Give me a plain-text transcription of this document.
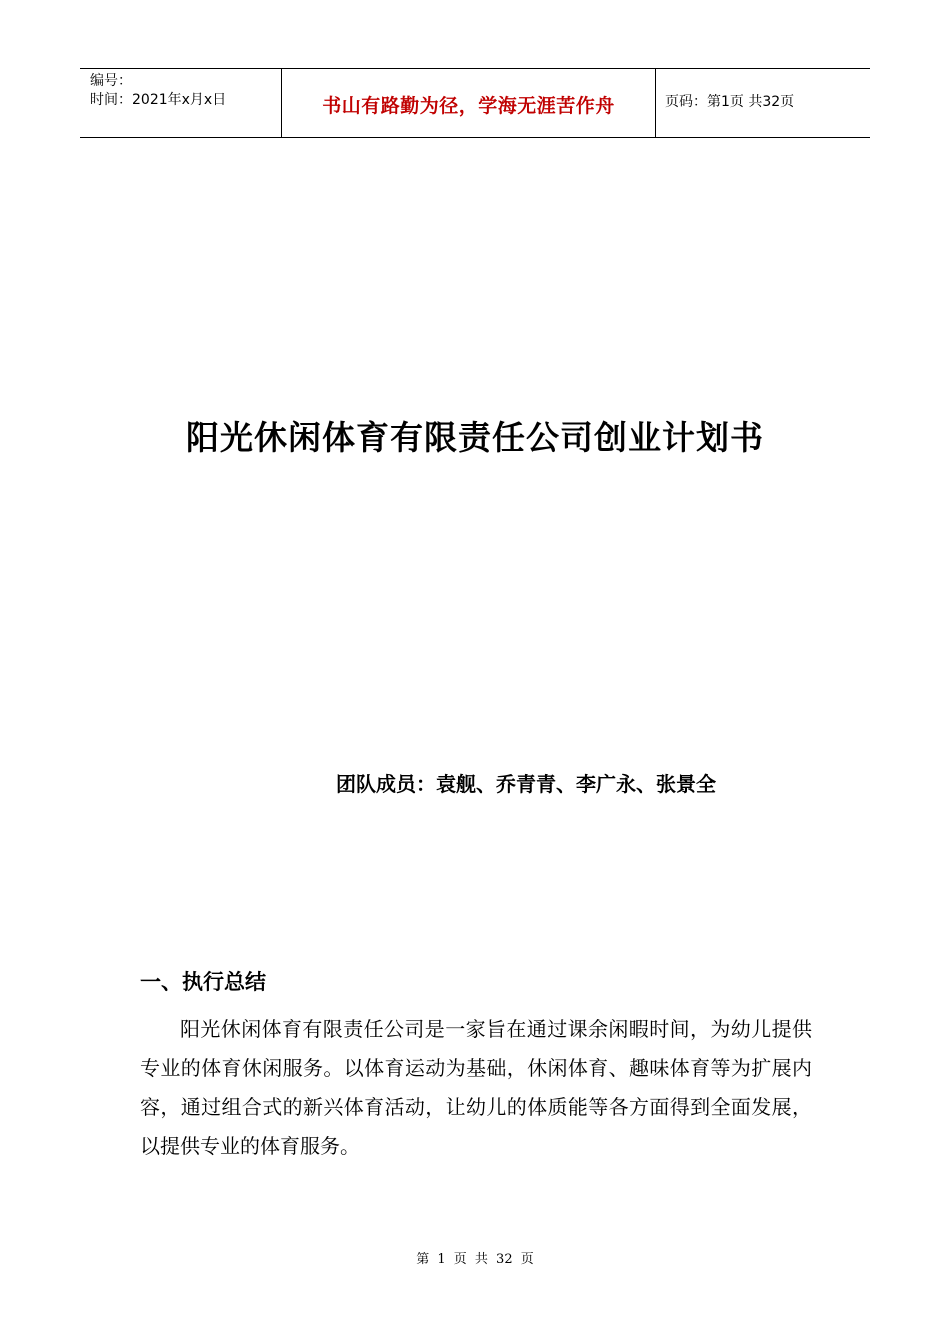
编号：
时间：2021年x月x日	书山有路勤为径，学海无涯苦作舟	页码：第1页 共32页
阳光休闲体育有限责任公司创业计划书
团队成员：袁舰、乔青青、李广永、张景全
一、执行总结
阳光休闲体育有限责任公司是一家旨在通过课余闲暇时间，为幼儿提供专业的体育休闲服务。以体育运动为基础，休闲体育、趣味体育等为扩展内容，通过组合式的新兴体育活动，让幼儿的体质能等各方面得到全面发展，以提供专业的体育服务。
第 1 页 共 32 页
